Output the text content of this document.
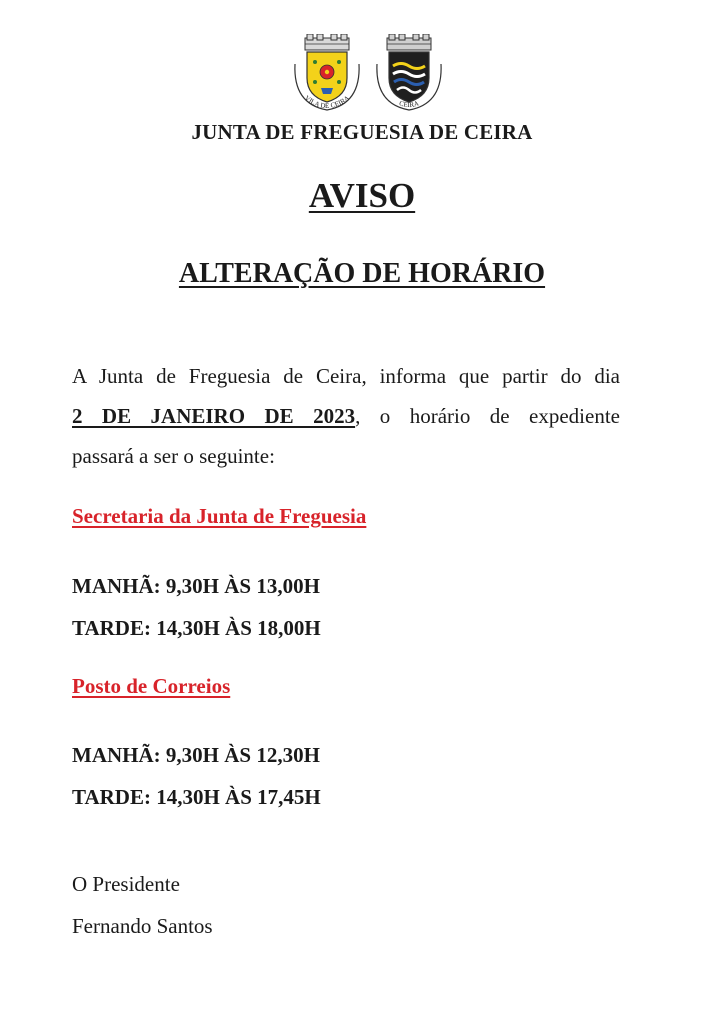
VILA DE CEIRA
CEIRA
JUNTA DE FREGUESIA DE CEIRA
AVISO
ALTERAÇÃO DE HORÁRIO
A Junta de Freguesia de Ceira, informa que partir do dia
2 DE JANEIRO DE 2023, o horário de expediente
passará a ser o seguinte:
Secretaria da Junta de Freguesia
MANHÃ: 9,30H ÀS 13,00H
TARDE: 14,30H ÀS 18,00H
Posto de Correios
MANHÃ: 9,30H ÀS 12,30H
TARDE: 14,30H ÀS 17,45H
O Presidente
Fernando Santos
